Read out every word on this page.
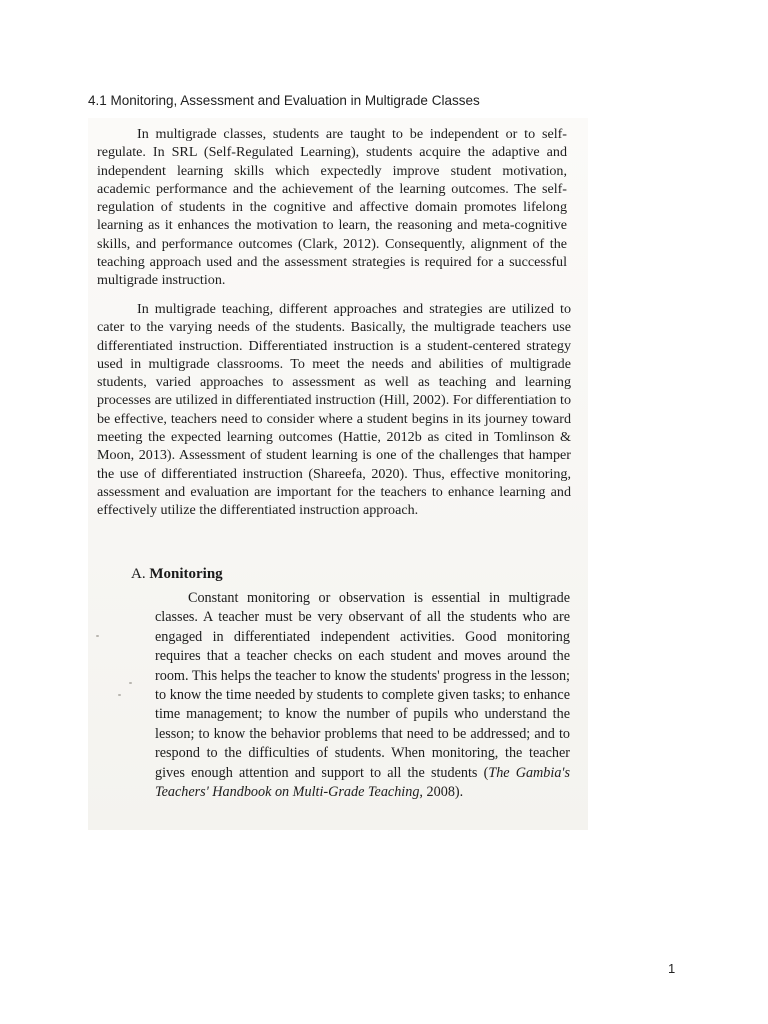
4.1 Monitoring, Assessment and Evaluation in Multigrade Classes

In multigrade classes, students are taught to be independent or to self-regulate. In SRL (Self-Regulated Learning), students acquire the adaptive and independent learning skills which expectedly improve student motivation, academic performance and the achievement of the learning outcomes. The self-regulation of students in the cognitive and affective domain promotes lifelong learning as it enhances the motivation to learn, the reasoning and meta-cognitive skills, and performance outcomes (Clark, 2012). Consequently, alignment of the teaching approach used and the assessment strategies is required for a successful multigrade instruction.

In multigrade teaching, different approaches and strategies are utilized to cater to the varying needs of the students. Basically, the multigrade teachers use differentiated instruction. Differentiated instruction is a student-centered strategy used in multigrade classrooms. To meet the needs and abilities of multigrade students, varied approaches to assessment as well as teaching and learning processes are utilized in differentiated instruction (Hill, 2002). For differentiation to be effective, teachers need to consider where a student begins in its journey toward meeting the expected learning outcomes (Hattie, 2012b as cited in Tomlinson & Moon, 2013). Assessment of student learning is one of the challenges that hamper the use of differentiated instruction (Shareefa, 2020). Thus, effective monitoring, assessment and evaluation are important for the teachers to enhance learning and effectively utilize the differentiated instruction approach.

A. Monitoring

Constant monitoring or observation is essential in multigrade classes. A teacher must be very observant of all the students who are engaged in differentiated independent activities. Good monitoring requires that a teacher checks on each student and moves around the room. This helps the teacher to know the students' progress in the lesson; to know the time needed by students to complete given tasks; to enhance time management; to know the number of pupils who understand the lesson; to know the behavior problems that need to be addressed; and to respond to the difficulties of students. When monitoring, the teacher gives enough attention and support to all the students (The Gambia's Teachers' Handbook on Multi-Grade Teaching, 2008).

1
